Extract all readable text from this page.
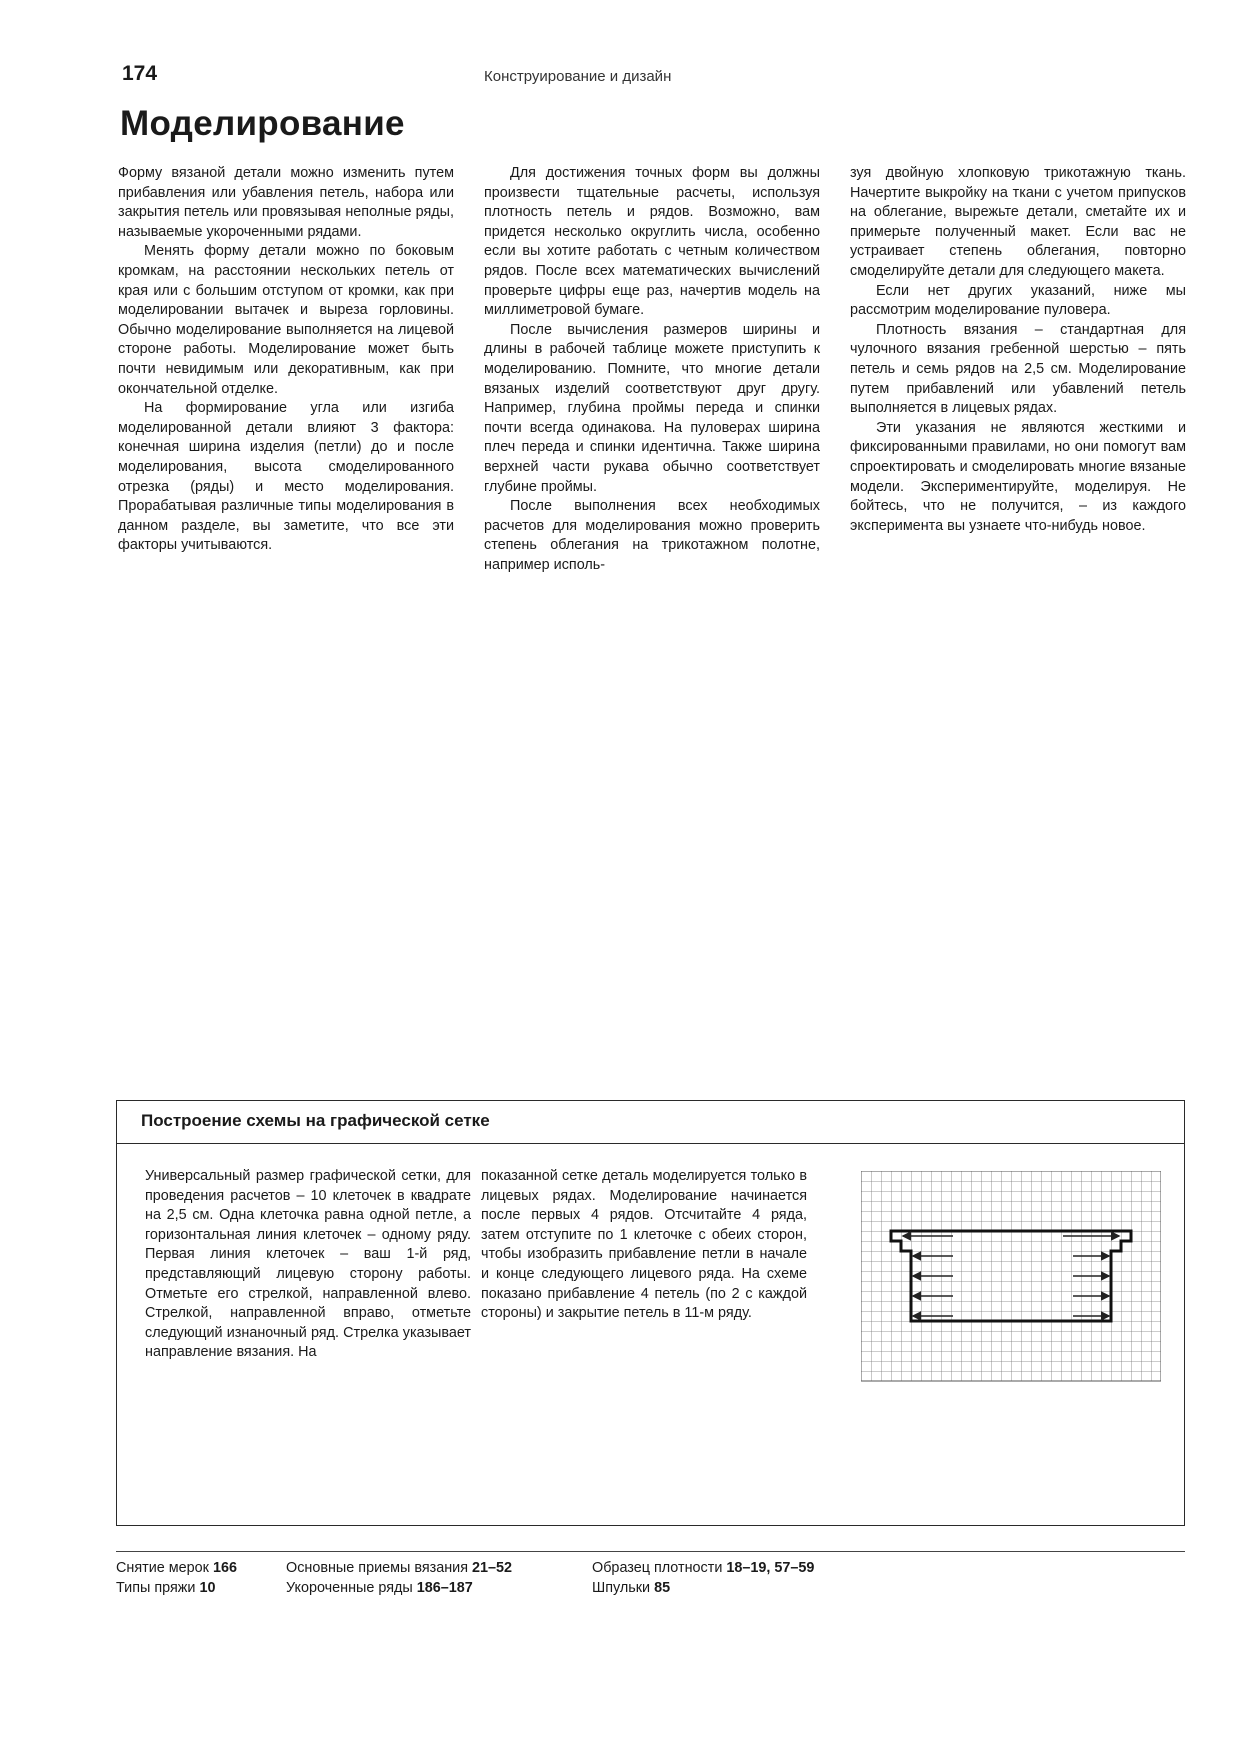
174	Конструирование и дизайн
Моделирование

Форму вязаной детали можно изменить путем прибавления или убавления петель, набора или закрытия петель или провязывая неполные ряды, называемые укороченными рядами.

Менять форму детали можно по боковым кромкам, на расстоянии нескольких петель от края или с большим отступом от кромки, как при моделировании вытачек и выреза горловины. Обычно моделирование выполняется на лицевой стороне работы. Моделирование может быть почти невидимым или декоративным, как при окончательной отделке.

На формирование угла или изгиба моделированной детали влияют 3 фактора: конечная ширина изделия (петли) до и после моделирования, высота смоделированного отрезка (ряды) и место моделирования. Прорабатывая различные типы моделирования в данном разделе, вы заметите, что все эти факторы учитываются.

Для достижения точных форм вы должны произвести тщательные расчеты, используя плотность петель и рядов. Возможно, вам придется несколько округлить числа, особенно если вы хотите работать с четным количеством рядов. После всех математических вычислений проверьте цифры еще раз, начертив модель на миллиметровой бумаге.

После вычисления размеров ширины и длины в рабочей таблице можете приступить к моделированию. Помните, что многие детали вязаных изделий соответствуют друг другу. Например, глубина проймы переда и спинки почти всегда одинакова. На пуловерах ширина плеч переда и спинки идентична. Также ширина верхней части рукава обычно соответствует глубине проймы.

После выполнения всех необходимых расчетов для моделирования можно проверить степень облегания на трикотажном полотне, например исполь-

зуя двойную хлопковую трикотажную ткань. Начертите выкройку на ткани с учетом припусков на облегание, вырежьте детали, сметайте их и примерьте полученный макет. Если вас не устраивает степень облегания, повторно смоделируйте детали для следующего макета.

Если нет других указаний, ниже мы рассмотрим моделирование пуловера.

Плотность вязания – стандартная для чулочного вязания гребенной шерстью – пять петель и семь рядов на 2,5 см. Моделирование путем прибавлений или убавлений петель выполняется в лицевых рядах.

Эти указания не являются жесткими и фиксированными правилами, но они помогут вам спроектировать и смоделировать многие вязаные модели. Экспериментируйте, моделируя. Не бойтесь, что не получится, – из каждого эксперимента вы узнаете что-нибудь новое.

Построение схемы на графической сетке

Универсальный размер графической сетки, для проведения расчетов – 10 клеточек в квадрате на 2,5 см. Одна клеточка равна одной петле, а горизонтальная линия клеточек – одному ряду. Первая линия клеточек – ваш 1-й ряд, представляющий лицевую сторону работы. Отметьте его стрелкой, направленной влево. Стрелкой, направленной вправо, отметьте следующий изнаночный ряд. Стрелка указывает направление вязания. На

показанной сетке деталь моделируется только в лицевых рядах. Моделирование начинается после первых 4 рядов. Отсчитайте 4 ряда, затем отступите по 1 клеточке с обеих сторон, чтобы изобразить прибавление петли в начале и конце следующего лицевого ряда. На схеме показано прибавление 4 петель (по 2 с каждой стороны) и закрытие петель в 11-м ряду.

Снятие мерок 166
Типы пряжи 10
Основные приемы вязания 21–52
Укороченные ряды 186–187
Образец плотности 18–19, 57–59
Шпульки 85
